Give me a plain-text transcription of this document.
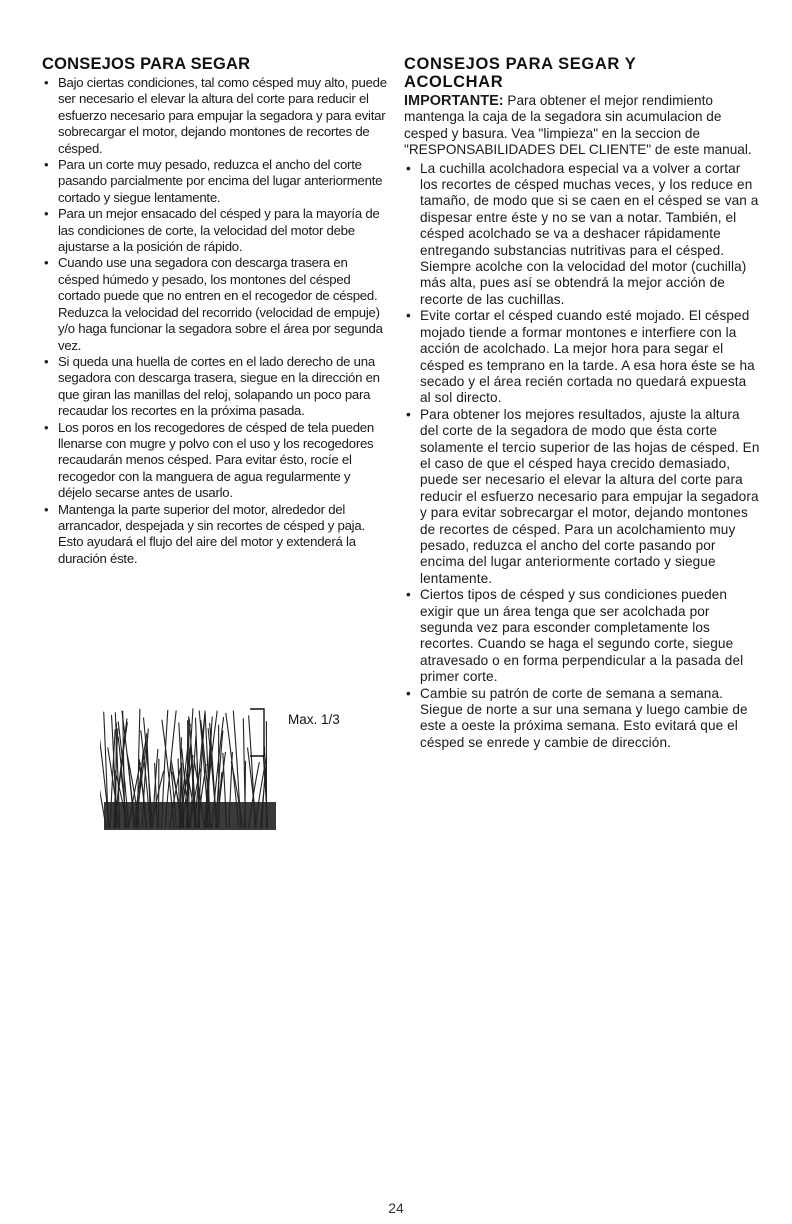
CONSEJOS PARA SEGAR
• Bajo ciertas condiciones, tal como césped muy alto, puede ser necesario el elevar la altura del corte para reducir el esfuerzo necesario para empujar la segadora y para evitar sobrecargar el motor, dejando montones de recortes de césped.
• Para un corte muy pesado, reduzca el ancho del corte pasando parcialmente por encima del lugar anteriormente cortado y siegue lentamente.
• Para un mejor ensacado del césped y para la mayoría de las condiciones de corte, la velocidad del motor debe ajustarse a la posición de rápido.
• Cuando use una segadora con descarga trasera en césped húmedo y pesado, los montones del césped cortado puede que no entren en el recogedor de césped. Reduzca la velocidad del recorrido (velocidad de empuje) y/o haga funcionar la segadora sobre el área por segunda vez.
• Si queda una huella de cortes en el lado derecho de una segadora con descarga trasera, siegue en la dirección en que giran las manillas del reloj, solapando un poco para recaudar los recortes en la próxima pasada.
• Los poros en los recogedores de césped de tela pueden llenarse con mugre y polvo con el uso y los recogedores recaudarán menos césped. Para evitar ésto, rocíe el recogedor con la manguera de agua regularmente y déjelo secarse antes de usarlo.
• Mantenga la parte superior del motor, alrededor del arrancador, despejada y sin recortes de césped y paja. Esto ayudará el flujo del aire del motor y extenderá la duración éste.
Max. 1/3
CONSEJOS PARA SEGAR Y
ACOLCHAR

IMPORTANTE: Para obtener el mejor rendimiento mantenga la caja de la segadora sin acumulacion de cesped y basura. Vea "limpieza" en la seccion de "RESPONSABILIDADES DEL CLIENTE" de este manual.

• La cuchilla acolchadora especial va a volver a cortar los recortes de césped muchas veces, y los reduce en tamaño, de modo que si se caen en el césped se van a dispesar entre éste y no se van a notar. También, el césped acolchado se va a deshacer rápidamente entregando substancias nutritivas para el césped. Siempre acolche con la velocidad del motor (cuchilla) más alta, pues así se obtendrá la mejor acción de recorte de las cuchillas.
• Evite cortar el césped cuando esté mojado. El césped mojado tiende a formar montones e interfiere con la acción de acolchado. La mejor hora para segar el césped es temprano en la tarde. A esa hora éste se ha secado y el área recién cortada no quedará expuesta al sol directo.
• Para obtener los mejores resultados, ajuste la altura del corte de la segadora de modo que ésta corte solamente el tercio superior de las hojas de césped. En el caso de que el césped haya crecido demasiado, puede ser necesario el elevar la altura del corte para reducir el esfuerzo necesario para empujar la segadora y para evitar sobrecargar el motor, dejando montones de recortes de césped. Para un acolchamiento muy pesado, reduzca el ancho del corte pasando por encima del lugar anteriormente cortado y siegue lentamente.
• Ciertos tipos de césped y sus condiciones pueden exigir que un área tenga que ser acolchada por segunda vez para esconder completamente los recortes. Cuando se haga el segundo corte, siegue atravesado o en forma perpendicular a la pasada del primer corte.
• Cambie su patrón de corte de semana a semana. Siegue de norte a sur una semana y luego cambie de este a oeste la próxima semana. Esto evitará que el césped se enrede y cambie de dirección.
24
